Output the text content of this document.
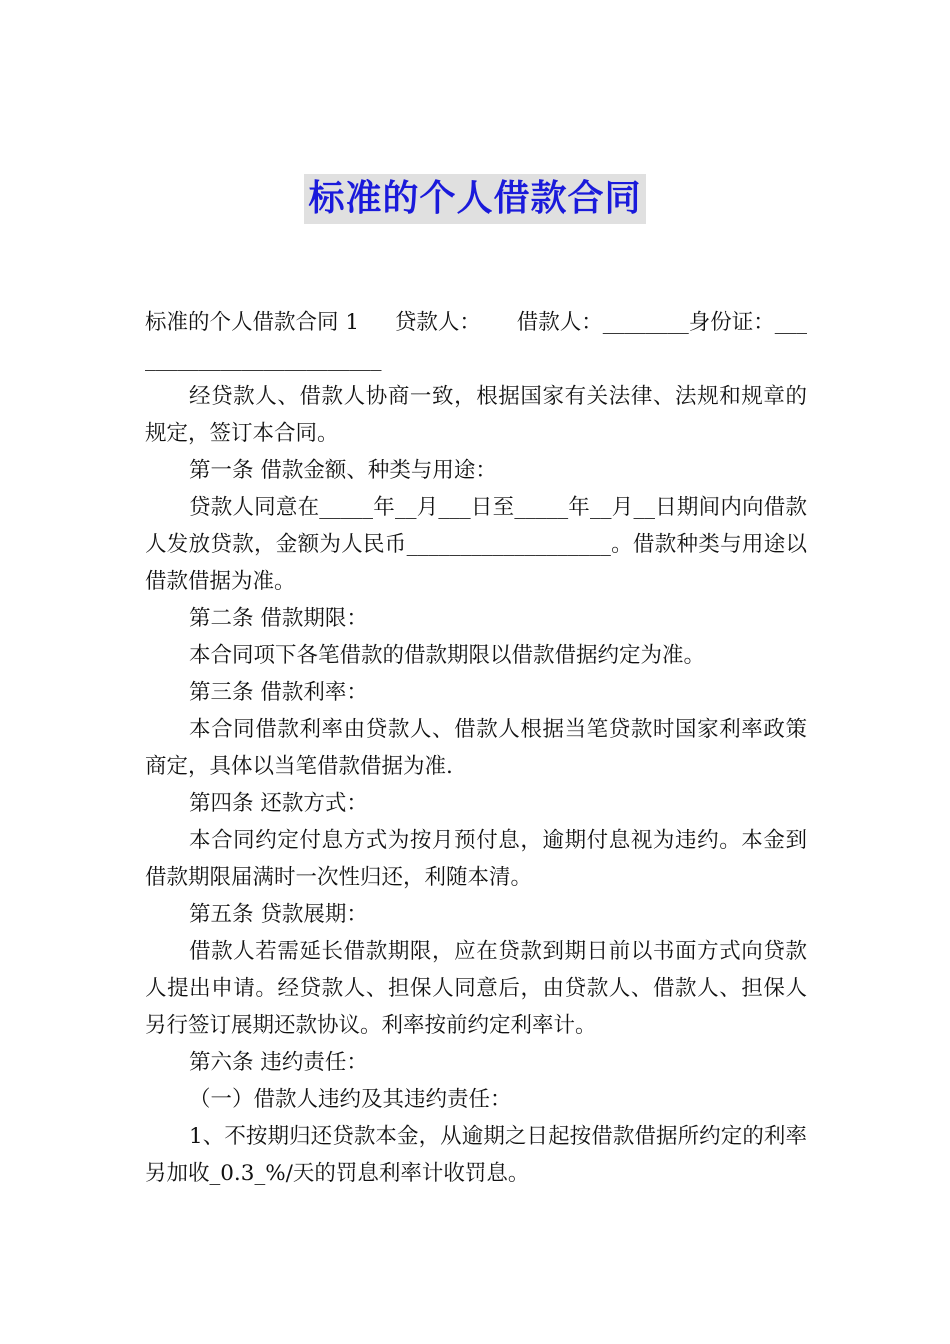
标准的个人借款合同

标准的个人借款合同 1 贷款人： 借款人：________身份证：___

______________________

经贷款人、借款人协商一致，根据国家有关法律、法规和规章的规定，签订本合同。

第一条 借款金额、种类与用途：

贷款人同意在_____年__月___日至_____年__月__日期间内向借款人发放贷款，金额为人民币___________________。借款种类与用途以借款借据为准。

第二条 借款期限：

本合同项下各笔借款的借款期限以借款借据约定为准。

第三条 借款利率：

本合同借款利率由贷款人、借款人根据当笔贷款时国家利率政策商定，具体以当笔借款借据为准.

第四条 还款方式：

本合同约定付息方式为按月预付息，逾期付息视为违约。本金到借款期限届满时一次性归还，利随本清。

第五条 贷款展期：

借款人若需延长借款期限，应在贷款到期日前以书面方式向贷款人提出申请。经贷款人、担保人同意后，由贷款人、借款人、担保人另行签订展期还款协议。利率按前约定利率计。

第六条 违约责任：

（一）借款人违约及其违约责任：

1、不按期归还贷款本金，从逾期之日起按借款借据所约定的利率另加收_0.3_%/天的罚息利率计收罚息。
